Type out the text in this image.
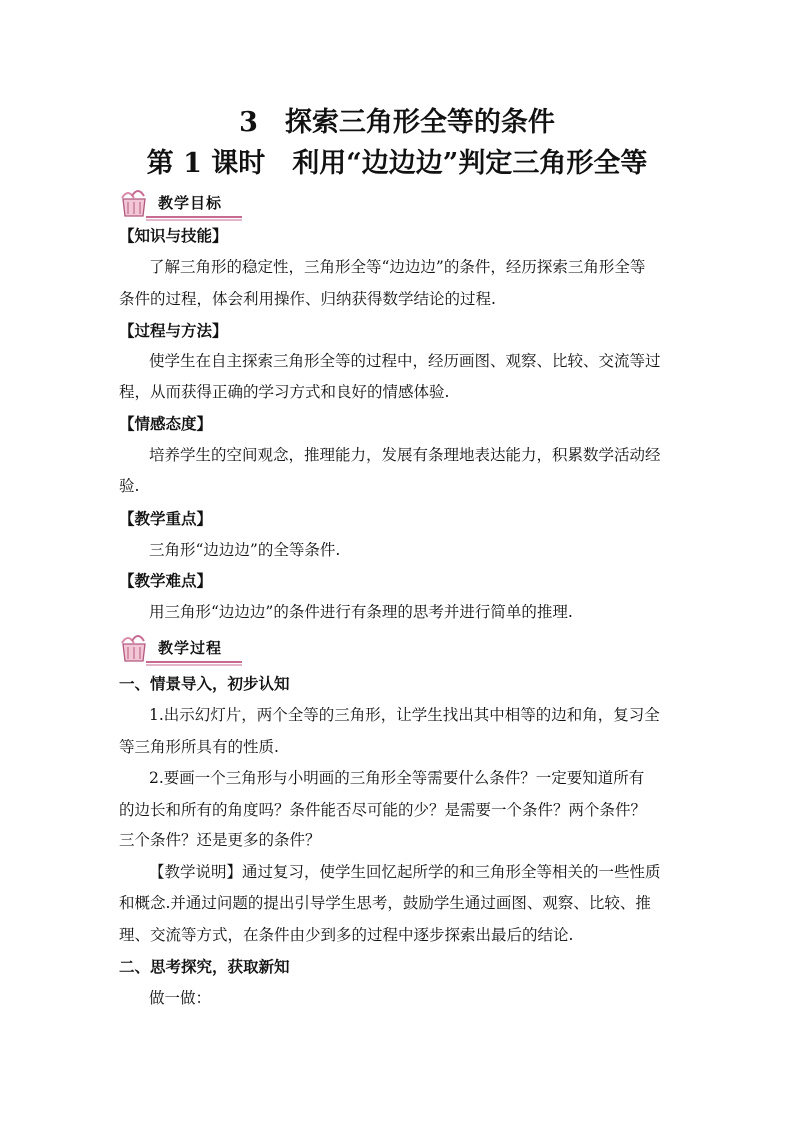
3　探索三角形全等的条件
第 1 课时　利用“边边边”判定三角形全等
教学目标
【知识与技能】
了解三角形的稳定性，三角形全等“边边边”的条件，经历探索三角形全等
条件的过程，体会利用操作、归纳获得数学结论的过程.
【过程与方法】
使学生在自主探索三角形全等的过程中，经历画图、观察、比较、交流等过
程，从而获得正确的学习方式和良好的情感体验.
【情感态度】
培养学生的空间观念，推理能力，发展有条理地表达能力，积累数学活动经
验.
【教学重点】
三角形“边边边”的全等条件.
【教学难点】
用三角形“边边边”的条件进行有条理的思考并进行简单的推理.
教学过程
一、情景导入，初步认知
1.出示幻灯片，两个全等的三角形，让学生找出其中相等的边和角，复习全
等三角形所具有的性质.
2.要画一个三角形与小明画的三角形全等需要什么条件？一定要知道所有
的边长和所有的角度吗？条件能否尽可能的少？是需要一个条件？两个条件？
三个条件？还是更多的条件？
【教学说明】通过复习，使学生回忆起所学的和三角形全等相关的一些性质
和概念.并通过问题的提出引导学生思考，鼓励学生通过画图、观察、比较、推
理、交流等方式，在条件由少到多的过程中逐步探索出最后的结论.
二、思考探究，获取新知
做一做：
